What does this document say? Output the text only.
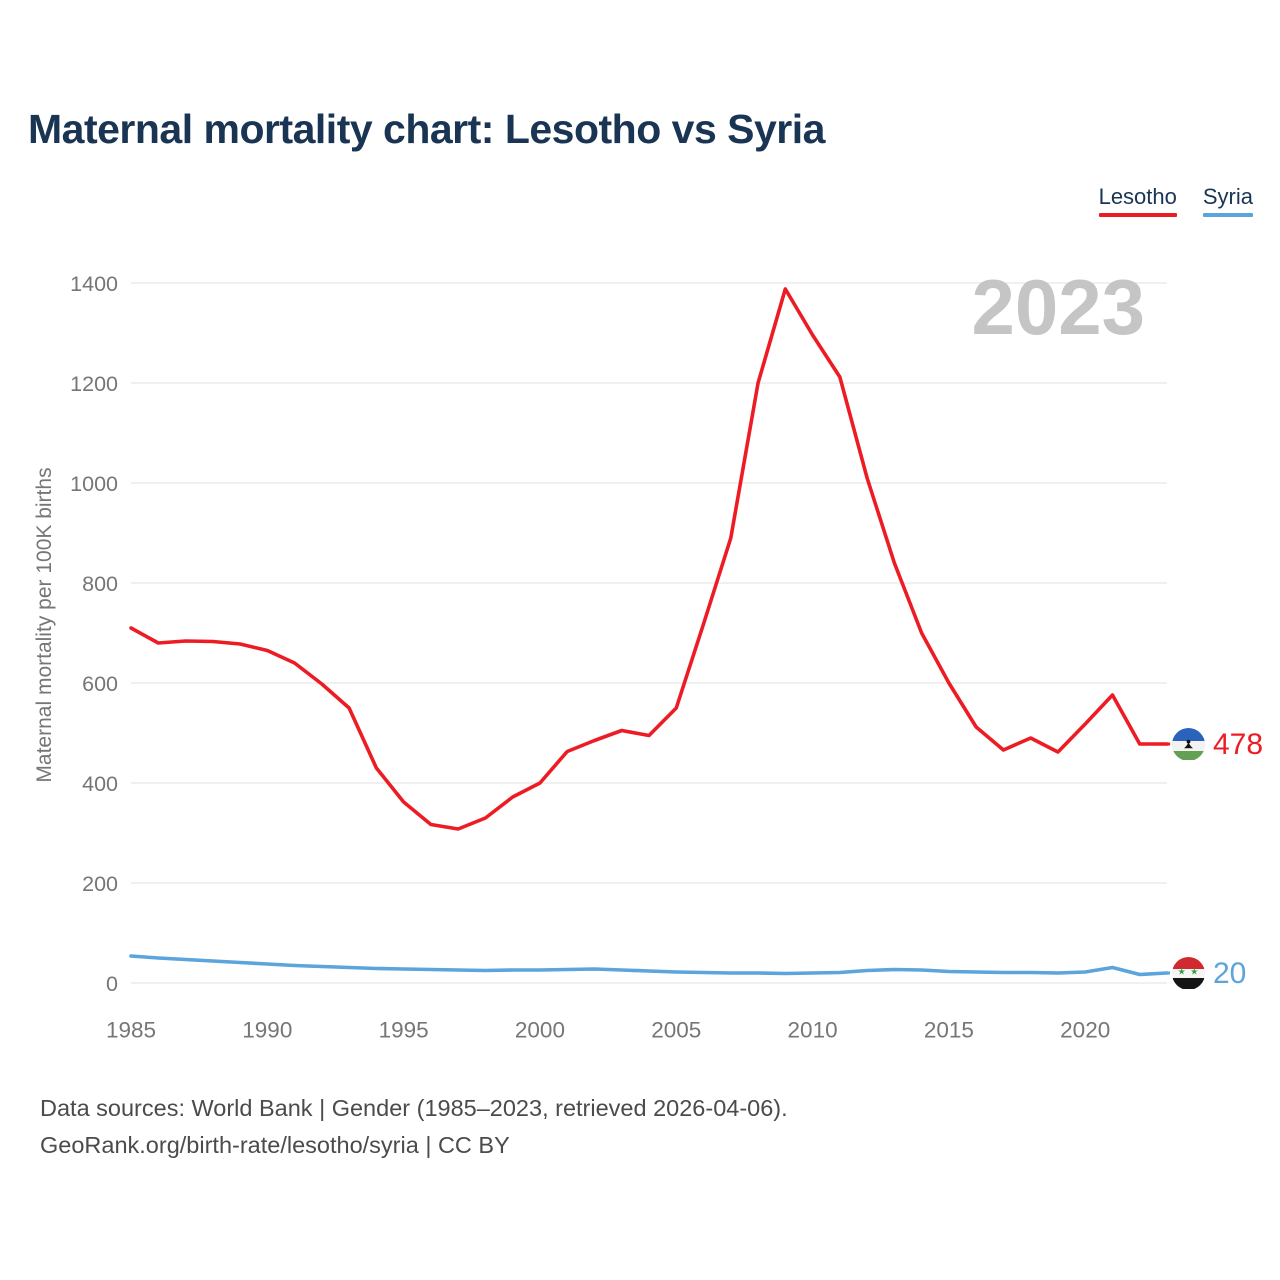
Maternal mortality chart: Lesotho vs Syria
Lesotho Syria
2023
Maternal mortality per 100K births
0
200
400
600
800
1000
1200
1400
1985	1990	1995	2000	2005	2010	2015	2020
478
★ ★ 20
Data sources: World Bank | Gender (1985–2023, retrieved 2026-04-06).
GeoRank.org/birth-rate/lesotho/syria | CC BY
